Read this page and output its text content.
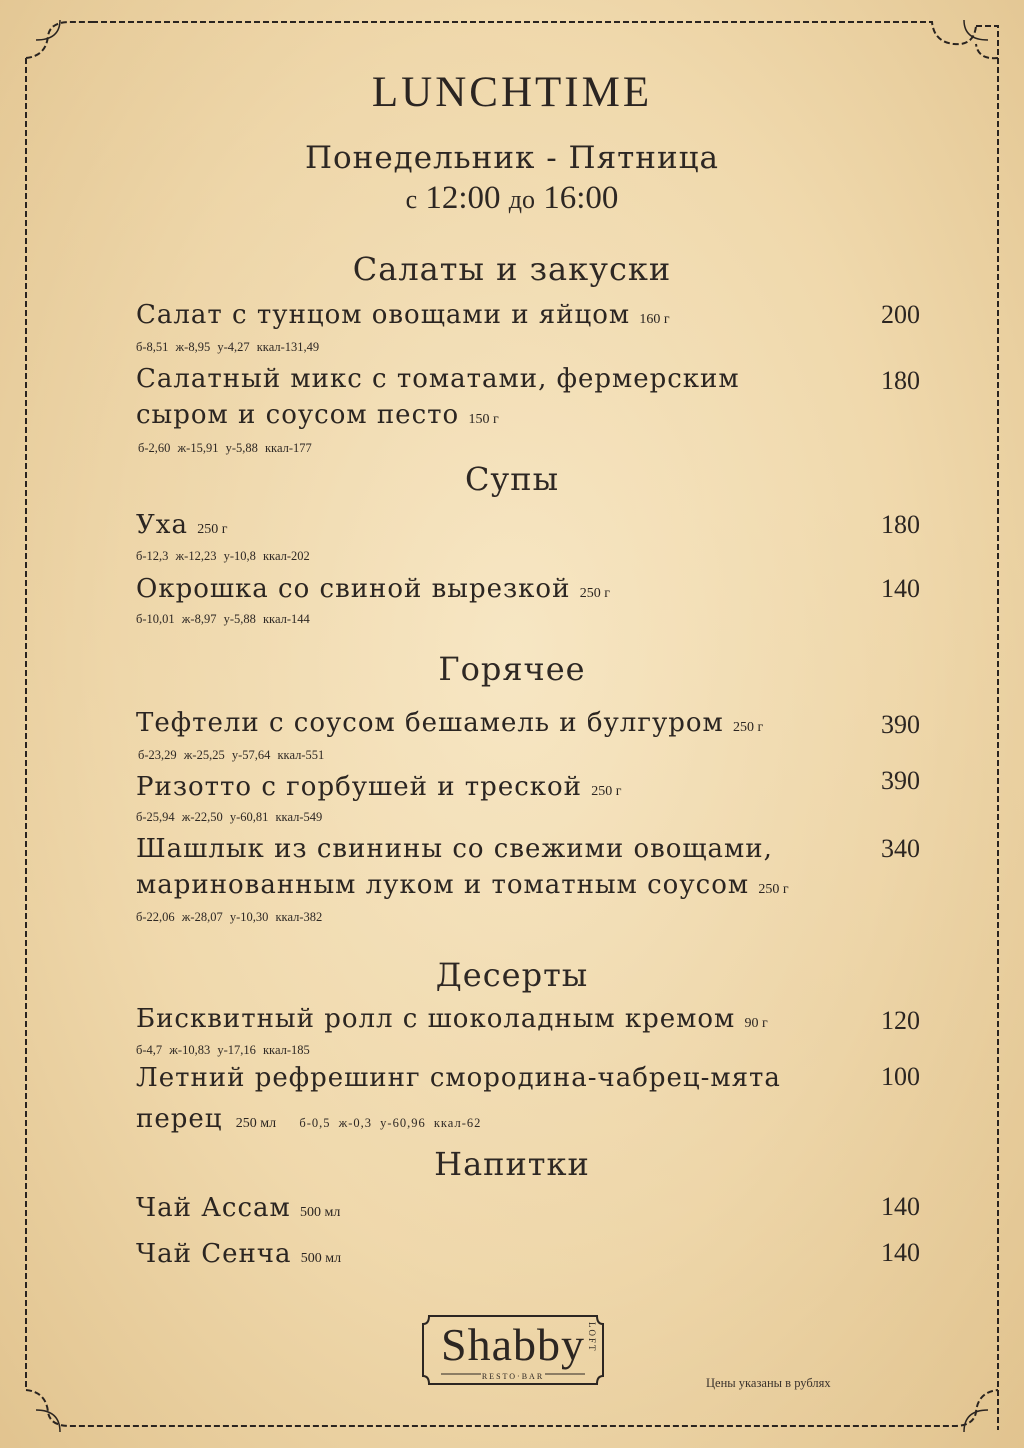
LUNCHTIME
Понедельник - Пятница
с 12:00 до 16:00
Салаты и закуски
Салат с тунцом овощами и яйцом 160 г	200
б-8,51 ж-8,95 у-4,27 ккал-131,49
Салатный микс с томатами, фермерским	180
сыром и соусом песто 150 г
б-2,60 ж-15,91 у-5,88 ккал-177
Супы
Уха 250 г	180
б-12,3 ж-12,23 у-10,8 ккал-202
Окрошка со свиной вырезкой 250 г	140
б-10,01 ж-8,97 у-5,88 ккал-144
Горячее
Тефтели с соусом бешамель и булгуром 250 г	390
б-23,29 ж-25,25 у-57,64 ккал-551
Ризотто с горбушей и треской 250 г	390
б-25,94 ж-22,50 у-60,81 ккал-549
Шашлык из свинины со свежими овощами,	340
маринованным луком и томатным соусом 250 г
б-22,06 ж-28,07 у-10,30 ккал-382
Десерты
Бисквитный ролл с шоколадным кремом 90 г	120
б-4,7 ж-10,83 у-17,16 ккал-185
Летний рефрешинг смородина-чабрец-мята	100
перец 250 мл б-0,5 ж-0,3 у-60,96 ккал-62
Напитки
Чай Ассам 500 мл	140
Чай Сенча 500 мл	140
Shabby LOFT
RESTO·BAR	Цены указаны в рублях
